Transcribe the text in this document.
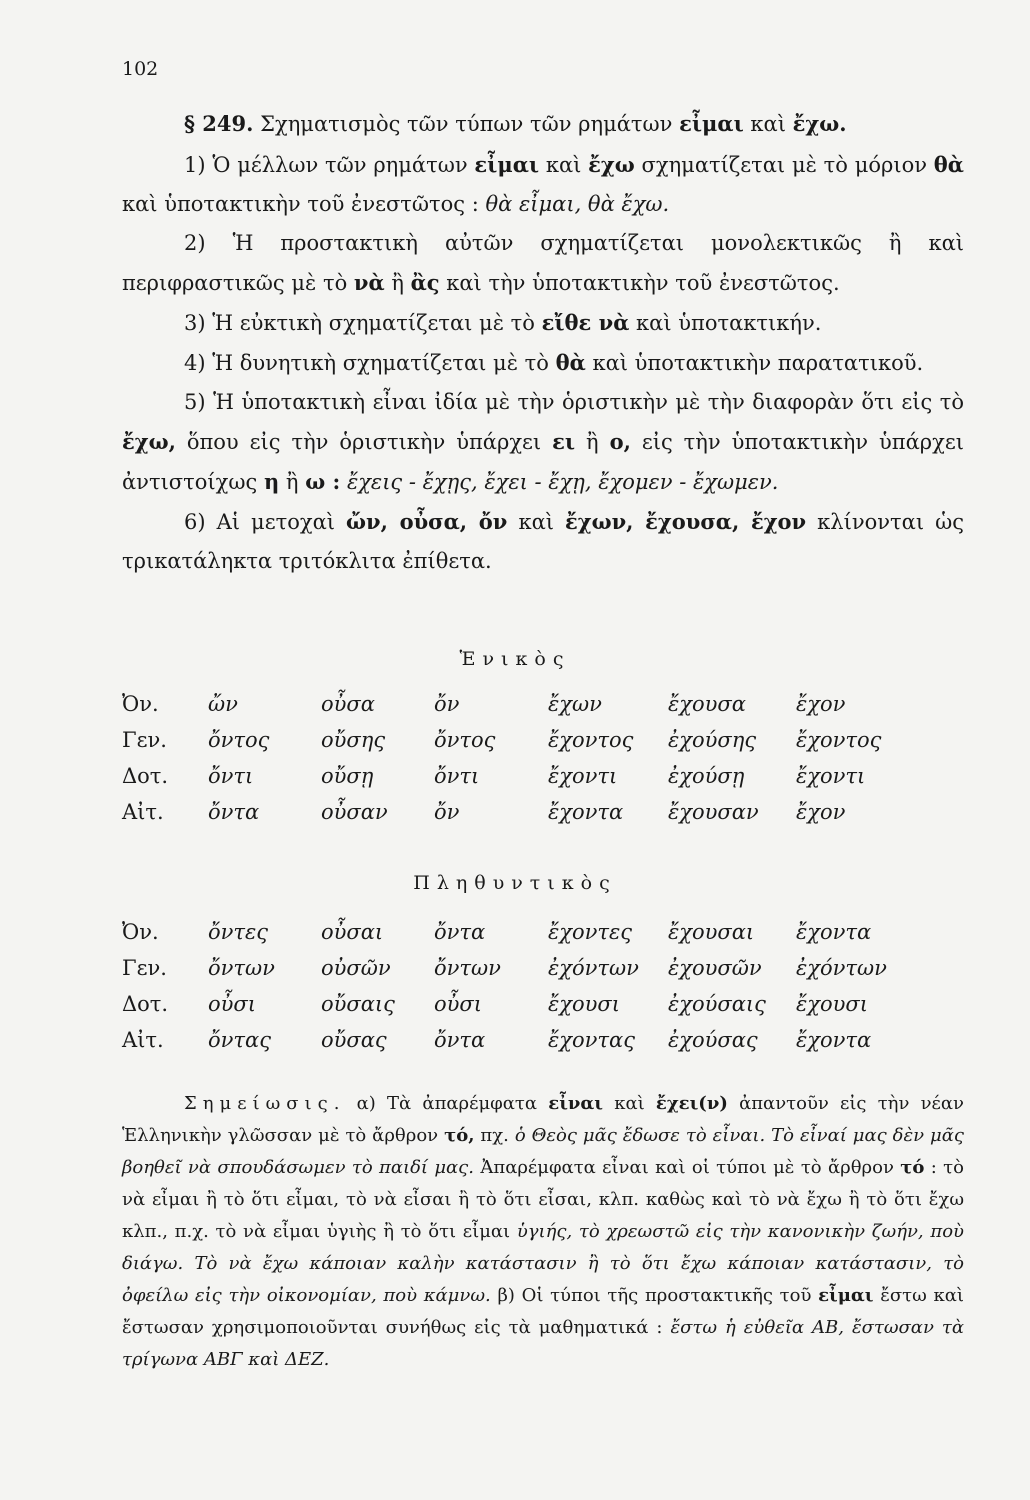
102

§ 249. Σχηματισμὸς τῶν τύπων τῶν ρημάτων εἶμαι καὶ ἔχω.

1) Ὁ μέλλων τῶν ρημάτων εἶμαι καὶ ἔχω σχηματίζεται μὲ τὸ μόριον θὰ καὶ ὑποτακτικὴν τοῦ ἐνεστῶτος : θὰ εἶμαι, θὰ ἔχω.

2) Ἡ προστακτικὴ αὐτῶν σχηματίζεται μονολεκτικῶς ἢ καὶ περιφραστικῶς μὲ τὸ νὰ ἢ ἂς καὶ τὴν ὑποτακτικὴν τοῦ ἐνεστῶτος.

3) Ἡ εὐκτικὴ σχηματίζεται μὲ τὸ εἴθε νὰ καὶ ὑποτακτικήν.

4) Ἡ δυνητικὴ σχηματίζεται μὲ τὸ θὰ καὶ ὑποτακτικὴν παρατατικοῦ.

5) Ἡ ὑποτακτικὴ εἶναι ἰδία μὲ τὴν ὁριστικὴν μὲ τὴν διαφορὰν ὅτι εἰς τὸ ἔχω, ὅπου εἰς τὴν ὁριστικὴν ὑπάρχει ει ἢ ο, εἰς τὴν ὑποτακτικὴν ὑπάρχει ἀντιστοίχως η ἢ ω : ἔχεις - ἔχῃς, ἔχει - ἔχῃ, ἔχομεν - ἔχωμεν.

6) Αἱ μετοχαὶ ὤν, οὖσα, ὄν καὶ ἔχων, ἔχουσα, ἔχον κλίνονται ὡς τρικατάληκτα τριτόκλιτα ἐπίθετα.

Ἑνικὸς
Ὀν.	ὤν	οὖσα	ὄν	ἔχων	ἔχουσα	ἔχον
Γεν.	ὄντος	οὔσης	ὄντος	ἔχοντος	ἐχούσης	ἔχοντος
Δοτ.	ὄντι	οὔσῃ	ὄντι	ἔχοντι	ἐχούσῃ	ἔχοντι
Αἰτ.	ὄντα	οὖσαν	ὄν	ἔχοντα	ἔχουσαν	ἔχον
Πληθυντικὸς
Ὀν.	ὄντες	οὖσαι	ὄντα	ἔχοντες	ἔχουσαι	ἔχοντα
Γεν.	ὄντων	οὐσῶν	ὄντων	ἐχόντων	ἐχουσῶν	ἐχόντων
Δοτ.	οὖσι	οὔσαις	οὖσι	ἔχουσι	ἐχούσαις	ἔχουσι
Αἰτ.	ὄντας	οὔσας	ὄντα	ἔχοντας	ἐχούσας	ἔχοντα

Σημείωσις. α) Τὰ ἀπαρέμφατα εἶναι καὶ ἔχει(ν) ἀπαντοῦν εἰς τὴν νέαν Ἑλληνικὴν γλῶσσαν μὲ τὸ ἄρθρον τό, πχ. ὁ Θεὸς μᾶς ἔδωσε τὸ εἶναι. Τὸ εἶναί μας δὲν μᾶς βοηθεῖ νὰ σπουδάσωμεν τὸ παιδί μας. Ἀπαρέμφατα εἶναι καὶ οἱ τύποι μὲ τὸ ἄρθρον τό : τὸ νὰ εἶμαι ἢ τὸ ὅτι εἶμαι, τὸ νὰ εἶσαι ἢ τὸ ὅτι εἶσαι, κλπ. καθὼς καὶ τὸ νὰ ἔχω ἢ τὸ ὅτι ἔχω κλπ., π.χ. τὸ νὰ εἶμαι ὑγιὴς ἢ τὸ ὅτι εἶμαι ὑγιής, τὸ χρεωστῶ εἰς τὴν κανονικὴν ζωήν, ποὺ διάγω. Τὸ νὰ ἔχω κάποιαν καλὴν κατάστασιν ἢ τὸ ὅτι ἔχω κάποιαν κατάστασιν, τὸ ὀφείλω εἰς τὴν οἰκονομίαν, ποὺ κάμνω. β) Οἱ τύποι τῆς προστακτικῆς τοῦ εἶμαι ἔστω καὶ ἔστωσαν χρησιμοποιοῦνται συνήθως εἰς τὰ μαθηματικά : ἔστω ἡ εὐθεῖα ΑΒ, ἔστωσαν τὰ τρίγωνα ΑΒΓ καὶ ΔΕΖ.
